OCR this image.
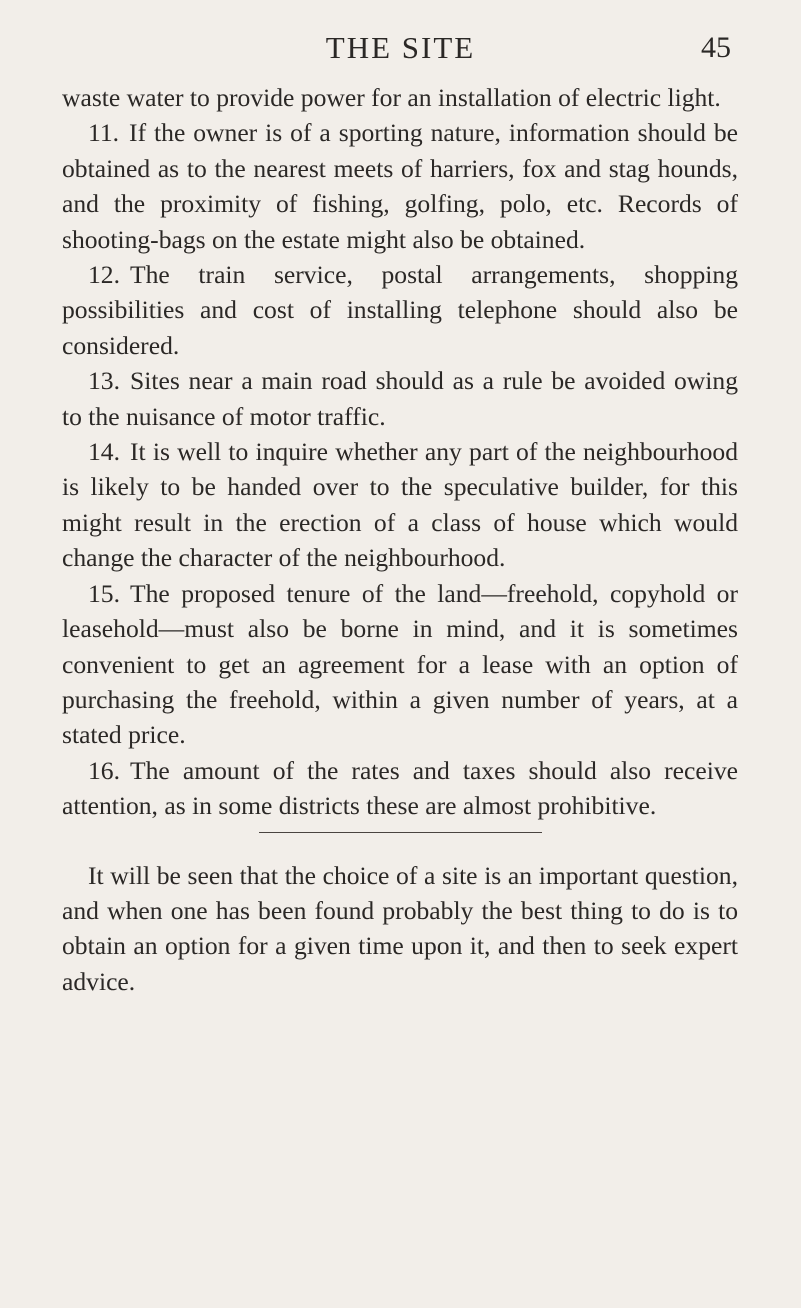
THE SITE	45

waste water to provide power for an installation of electric light.

11. If the owner is of a sporting nature, information should be obtained as to the nearest meets of harriers, fox and stag hounds, and the proximity of fishing, golfing, polo, etc. Records of shooting-bags on the estate might also be obtained.

12. The train service, postal arrangements, shopping possibilities and cost of installing telephone should also be considered.

13. Sites near a main road should as a rule be avoided owing to the nuisance of motor traffic.

14. It is well to inquire whether any part of the neighbourhood is likely to be handed over to the speculative builder, for this might result in the erection of a class of house which would change the character of the neighbourhood.

15. The proposed tenure of the land—freehold, copyhold or leasehold—must also be borne in mind, and it is sometimes convenient to get an agreement for a lease with an option of purchasing the freehold, within a given number of years, at a stated price.

16. The amount of the rates and taxes should also receive attention, as in some districts these are almost prohibitive.

It will be seen that the choice of a site is an important question, and when one has been found probably the best thing to do is to obtain an option for a given time upon it, and then to seek expert advice.
